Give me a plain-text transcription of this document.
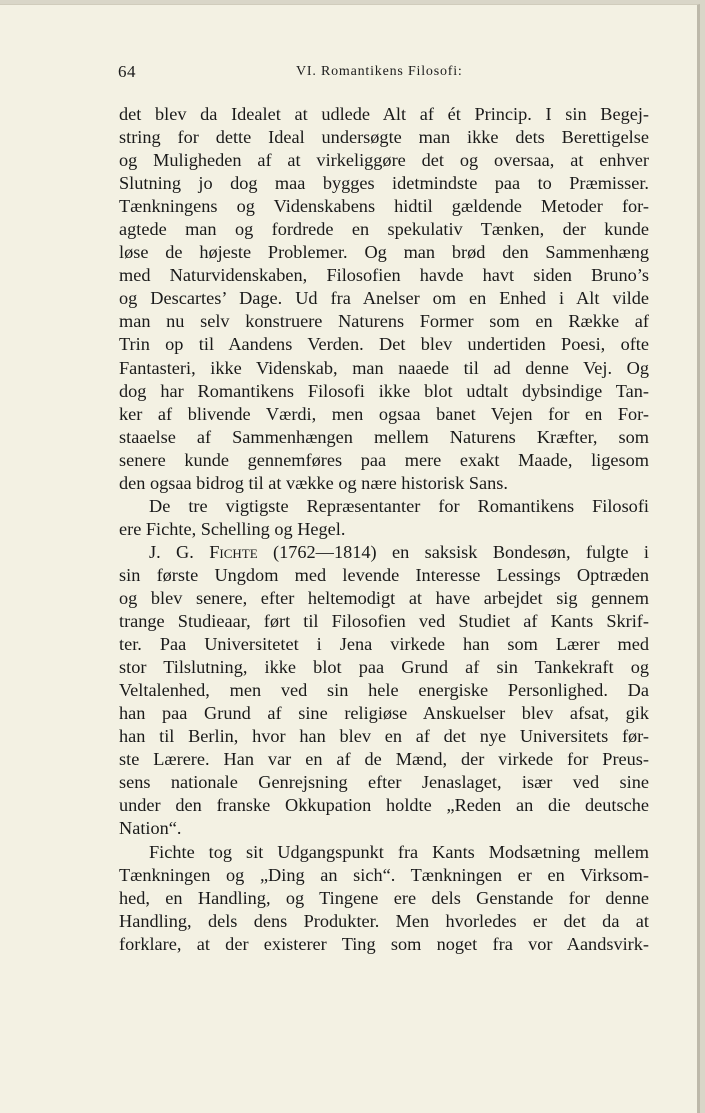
64	VI. Romantikens Filosofi:
det blev da Idealet at udlede Alt af ét Princip. I sin Begej-
string for dette Ideal undersøgte man ikke dets Berettigelse
og Muligheden af at virkeliggøre det og oversaa, at enhver
Slutning jo dog maa bygges idetmindste paa to Præmisser.
Tænkningens og Videnskabens hidtil gældende Metoder for-
agtede man og fordrede en spekulativ Tænken, der kunde
løse de højeste Problemer. Og man brød den Sammenhæng
med Naturvidenskaben, Filosofien havde havt siden Bruno’s
og Descartes’ Dage. Ud fra Anelser om en Enhed i Alt vilde
man nu selv konstruere Naturens Former som en Række af
Trin op til Aandens Verden. Det blev undertiden Poesi, ofte
Fantasteri, ikke Videnskab, man naaede til ad denne Vej. Og
dog har Romantikens Filosofi ikke blot udtalt dybsindige Tan-
ker af blivende Værdi, men ogsaa banet Vejen for en For-
staaelse af Sammenhængen mellem Naturens Kræfter, som
senere kunde gennemføres paa mere exakt Maade, ligesom
den ogsaa bidrog til at vække og nære historisk Sans.
De tre vigtigste Repræsentanter for Romantikens Filosofi
ere Fichte, Schelling og Hegel.
J. G. Fichte (1762—1814) en saksisk Bondesøn, fulgte i
sin første Ungdom med levende Interesse Lessings Optræden
og blev senere, efter heltemodigt at have arbejdet sig gennem
trange Studieaar, ført til Filosofien ved Studiet af Kants Skrif-
ter. Paa Universitetet i Jena virkede han som Lærer med
stor Tilslutning, ikke blot paa Grund af sin Tankekraft og
Veltalenhed, men ved sin hele energiske Personlighed. Da
han paa Grund af sine religiøse Anskuelser blev afsat, gik
han til Berlin, hvor han blev en af det nye Universitets før-
ste Lærere. Han var en af de Mænd, der virkede for Preus-
sens nationale Genrejsning efter Jenaslaget, især ved sine
under den franske Okkupation holdte „Reden an die deutsche
Nation“.
Fichte tog sit Udgangspunkt fra Kants Modsætning mellem
Tænkningen og „Ding an sich“. Tænkningen er en Virksom-
hed, en Handling, og Tingene ere dels Genstande for denne
Handling, dels dens Produkter. Men hvorledes er det da at
forklare, at der existerer Ting som noget fra vor Aandsvirk-
